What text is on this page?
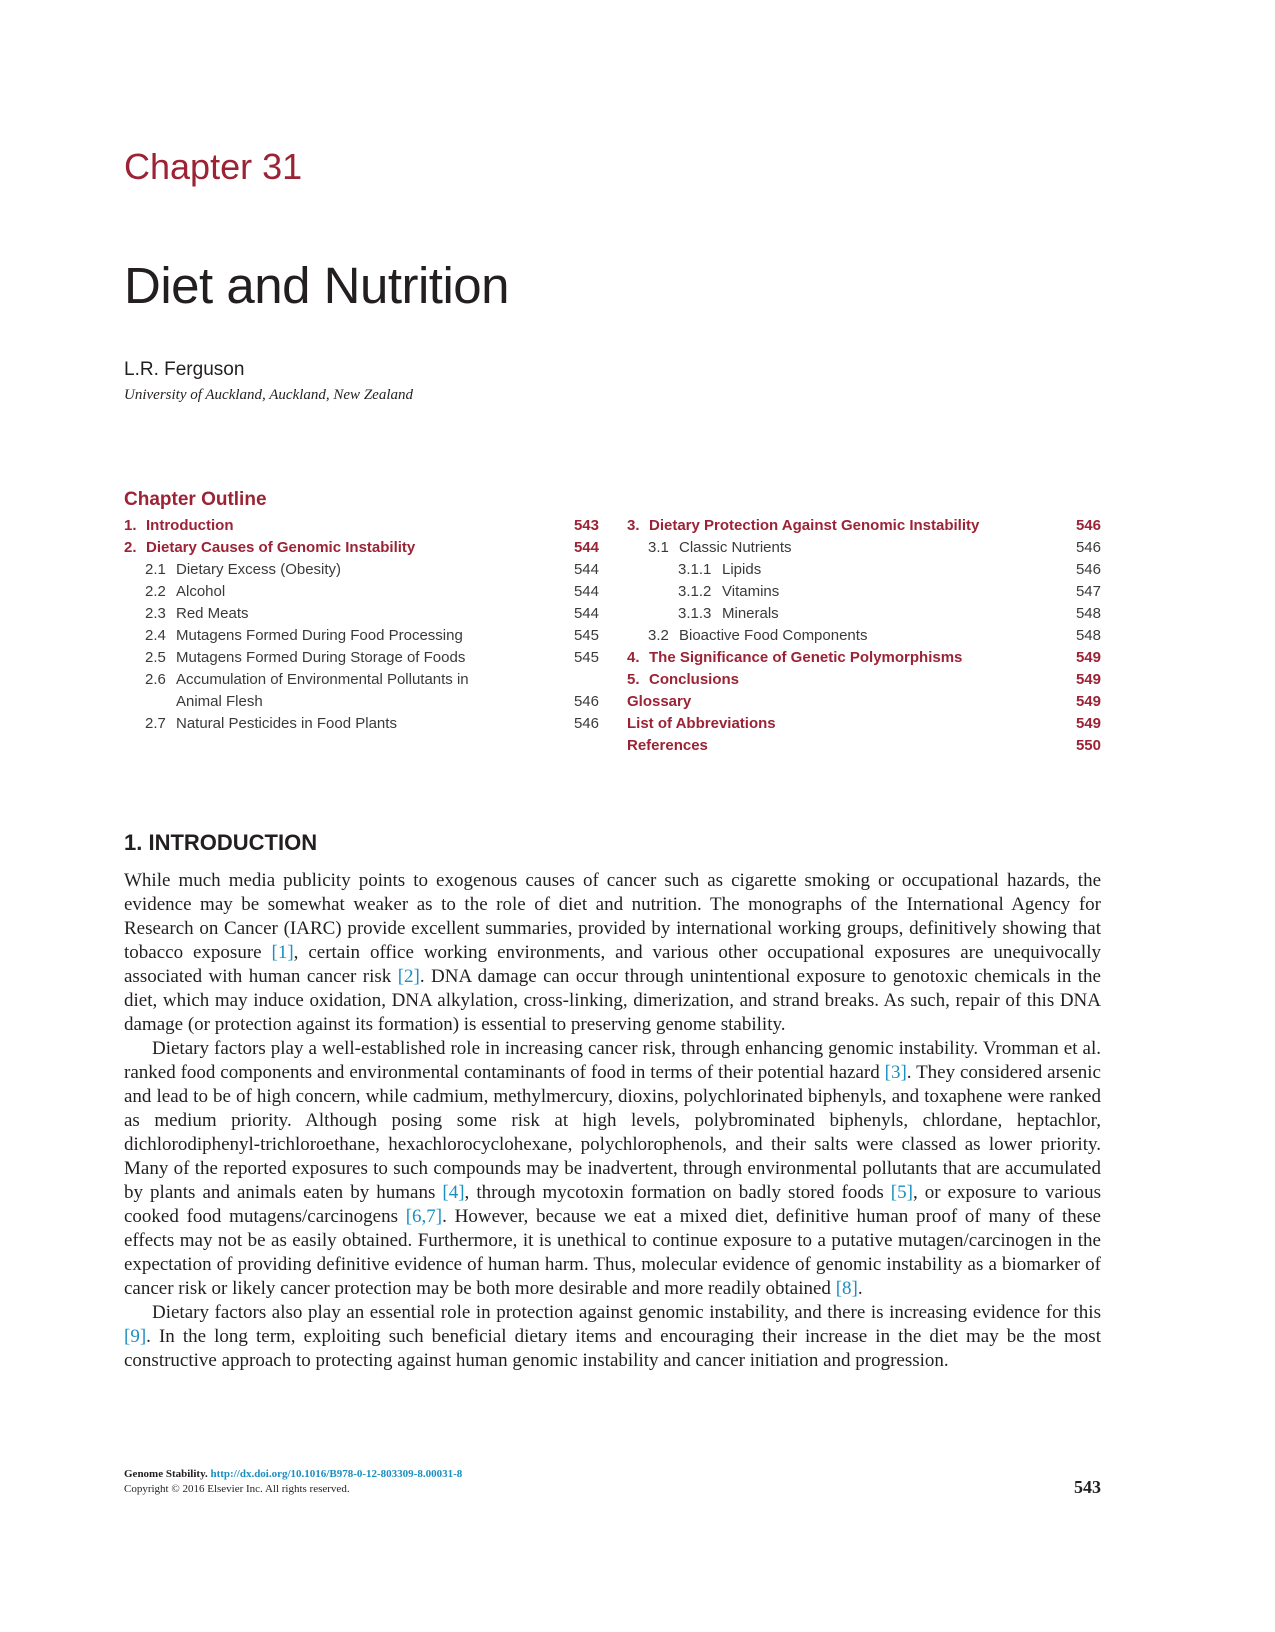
Chapter 31
Diet and Nutrition
L.R. Ferguson
University of Auckland, Auckland, New Zealand
Chapter Outline
1. Introduction	543
2. Dietary Causes of Genomic Instability	544
2.1 Dietary Excess (Obesity)	544
2.2 Alcohol	544
2.3 Red Meats	544
2.4 Mutagens Formed During Food Processing	545
2.5 Mutagens Formed During Storage of Foods	545
2.6 Accumulation of Environmental Pollutants in
Animal Flesh	546
2.7 Natural Pesticides in Food Plants	546
3. Dietary Protection Against Genomic Instability	546
3.1 Classic Nutrients	546
3.1.1 Lipids	546
3.1.2 Vitamins	547
3.1.3 Minerals	548
3.2 Bioactive Food Components	548
4. The Significance of Genetic Polymorphisms	549
5. Conclusions	549
Glossary	549
List of Abbreviations	549
References	550
1. INTRODUCTION

While much media publicity points to exogenous causes of cancer such as cigarette smoking or occupational hazards, the evidence may be somewhat weaker as to the role of diet and nutrition. The monographs of the International Agency for Research on Cancer (IARC) provide excellent summaries, provided by international working groups, definitively showing that tobacco exposure [1], certain office working environments, and various other occupational exposures are unequivocally associated with human cancer risk [2]. DNA damage can occur through unintentional exposure to genotoxic chemicals in the diet, which may induce oxidation, DNA alkylation, cross-linking, dimerization, and strand breaks. As such, repair of this DNA damage (or protection against its formation) is essential to preserving genome stability.

Dietary factors play a well-established role in increasing cancer risk, through enhancing genomic instability. Vromman et al. ranked food components and environmental contaminants of food in terms of their potential hazard [3]. They considered arsenic and lead to be of high concern, while cadmium, methylmercury, dioxins, polychlorinated biphenyls, and toxaphene were ranked as medium priority. Although posing some risk at high levels, polybrominated biphenyls, chlordane, heptachlor, dichlorodiphenyl-trichloroethane, hexachlorocyclohexane, polychlorophenols, and their salts were classed as lower priority. Many of the reported exposures to such compounds may be inadvertent, through environmental pollutants that are accumulated by plants and animals eaten by humans [4], through mycotoxin formation on badly stored foods [5], or exposure to various cooked food mutagens/carcinogens [6,7]. However, because we eat a mixed diet, definitive human proof of many of these effects may not be as easily obtained. Furthermore, it is unethical to continue exposure to a putative mutagen/carcinogen in the expectation of providing definitive evidence of human harm. Thus, molecular evidence of genomic instability as a biomarker of cancer risk or likely cancer protection may be both more desirable and more readily obtained [8].

Dietary factors also play an essential role in protection against genomic instability, and there is increasing evidence for this [9]. In the long term, exploiting such beneficial dietary items and encouraging their increase in the diet may be the most constructive approach to protecting against human genomic instability and cancer initiation and progression.

Genome Stability. http://dx.doi.org/10.1016/B978-0-12-803309-8.00031-8
Copyright © 2016 Elsevier Inc. All rights reserved.	543
